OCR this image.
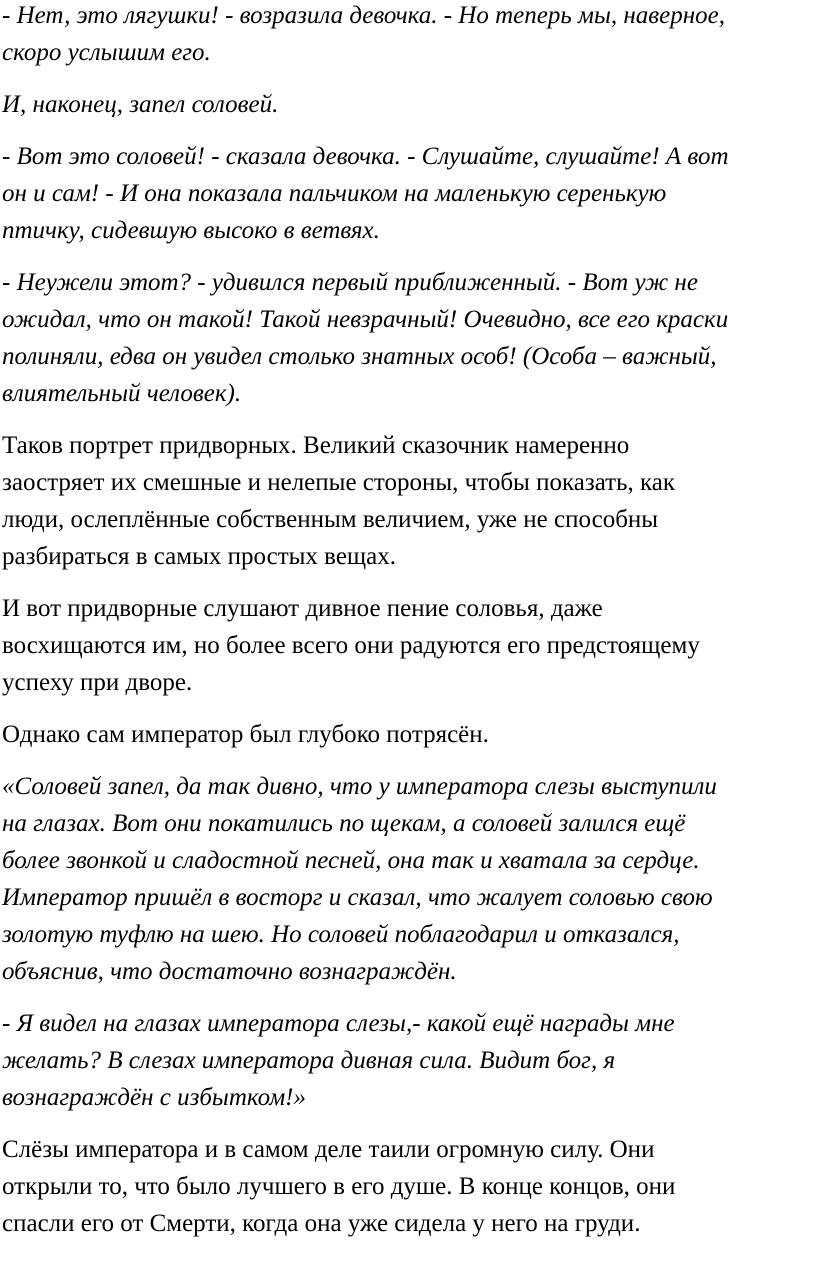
- Нет, это лягушки! - возразила девочка. - Но теперь мы, наверное,
скоро услышим его.
И, наконец, запел соловей.
- Вот это соловей! - сказала девочка. - Слушайте, слушайте! А вот
он и сам! - И она показала пальчиком на маленькую серенькую
птичку, сидевшую высоко в ветвях.
- Неужели этот? - удивился первый приближенный. - Вот уж не
ожидал, что он такой! Такой невзрачный! Очевидно, все его краски
полиняли, едва он увидел столько знатных особ! (Особа – важный,
влиятельный человек).
Таков портрет придворных. Великий сказочник намеренно
заостряет их смешные и нелепые стороны, чтобы показать, как
люди, ослеплённые собственным величием, уже не способны
разбираться в самых простых вещах.
И вот придворные слушают дивное пение соловья, даже
восхищаются им, но более всего они радуются его предстоящему
успеху при дворе.
Однако сам император был глубоко потрясён.
«Соловей запел, да так дивно, что у императора слезы выступили
на глазах. Вот они покатились по щекам, а соловей залился ещё
более звонкой и сладостной песней, она так и хватала за сердце.
Император пришёл в восторг и сказал, что жалует соловью свою
золотую туфлю на шею. Но соловей поблагодарил и отказался,
объяснив, что достаточно вознаграждён.
- Я видел на глазах императора слезы,- какой ещё награды мне
желать? В слезах императора дивная сила. Видит бог, я
вознаграждён с избытком!»
Слёзы императора и в самом деле таили огромную силу. Они
открыли то, что было лучшего в его душе. В конце концов, они
спасли его от Смерти, когда она уже сидела у него на груди.
